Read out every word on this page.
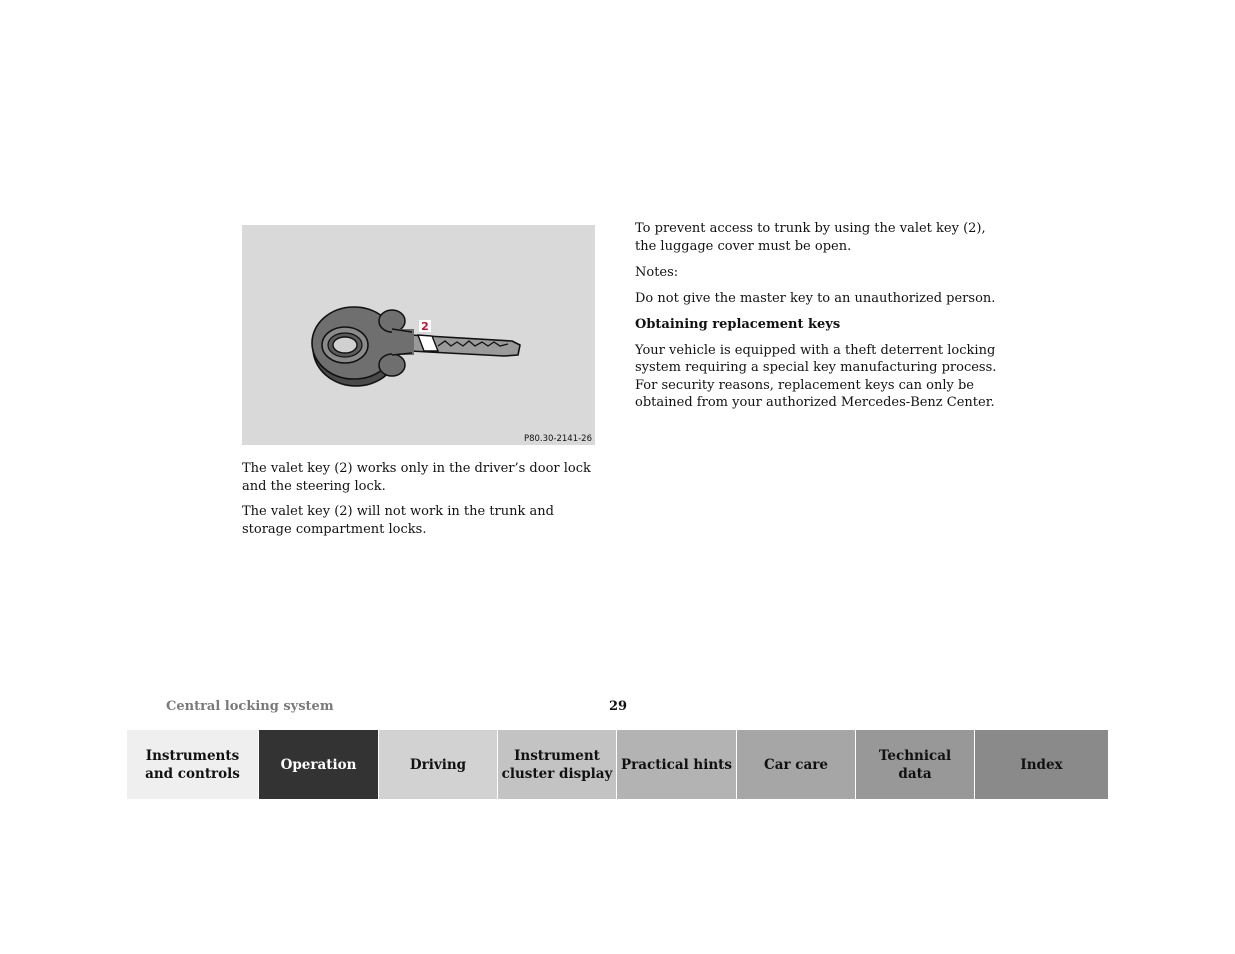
2
P80.30-2141-26

The valet key (2) works only in the driver’s door lock and the steering lock.

The valet key (2) will not work in the trunk and storage compartment locks.

To prevent access to trunk by using the valet key (2), the luggage cover must be open.

Notes:

Do not give the master key to an unauthorized person.

Obtaining replacement keys

Your vehicle is equipped with a theft deterrent locking system requiring a special key manufacturing process. For security reasons, replacement keys can only be obtained from your authorized Mercedes-Benz Center.

Central locking system	29
Instruments
and controls
Operation	Driving
Instrument
cluster display
Practical hints	Car care
Technical
data
Index
